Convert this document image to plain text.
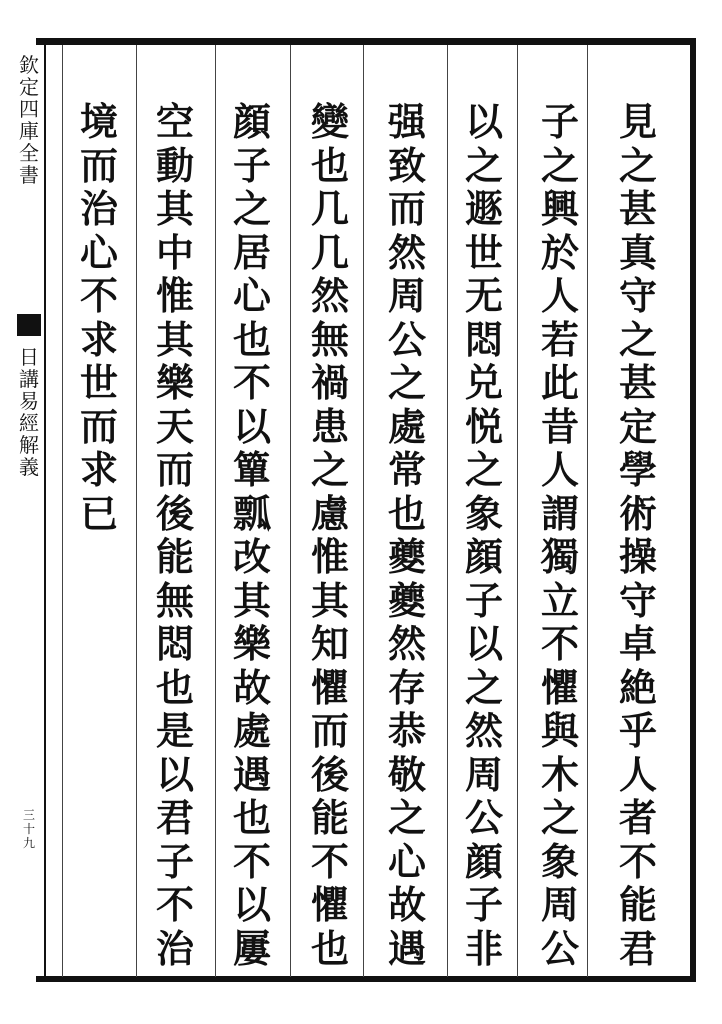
見
之
甚
真
守
之
甚
定
學
術
操
守
卓
絶
乎
人
者
不
能
君
子
之
興
於
人
若
此
昔
人
謂
獨
立
不
懼
與
木
之
象
周
公
以
之
遯
世
无
悶
兑
悦
之
象
顔
子
以
之
然
周
公
顔
子
非
强
致
而
然
周
公
之
處
常
也
夔
夔
然
存
恭
敬
之
心
故
遇
變
也
几
几
然
無
禍
患
之
慮
惟
其
知
懼
而
後
能
不
懼
也
顔
子
之
居
心
也
不
以
簞
瓢
改
其
樂
故
處
遇
也
不
以
屢
空
動
其
中
惟
其
樂
天
而
後
能
無
悶
也
是
以
君
子
不
治
境
而
治
心
不
求
世
而
求
已
欽
定
四
庫
全
書
日
講
易
經
解
義
三
十
九
